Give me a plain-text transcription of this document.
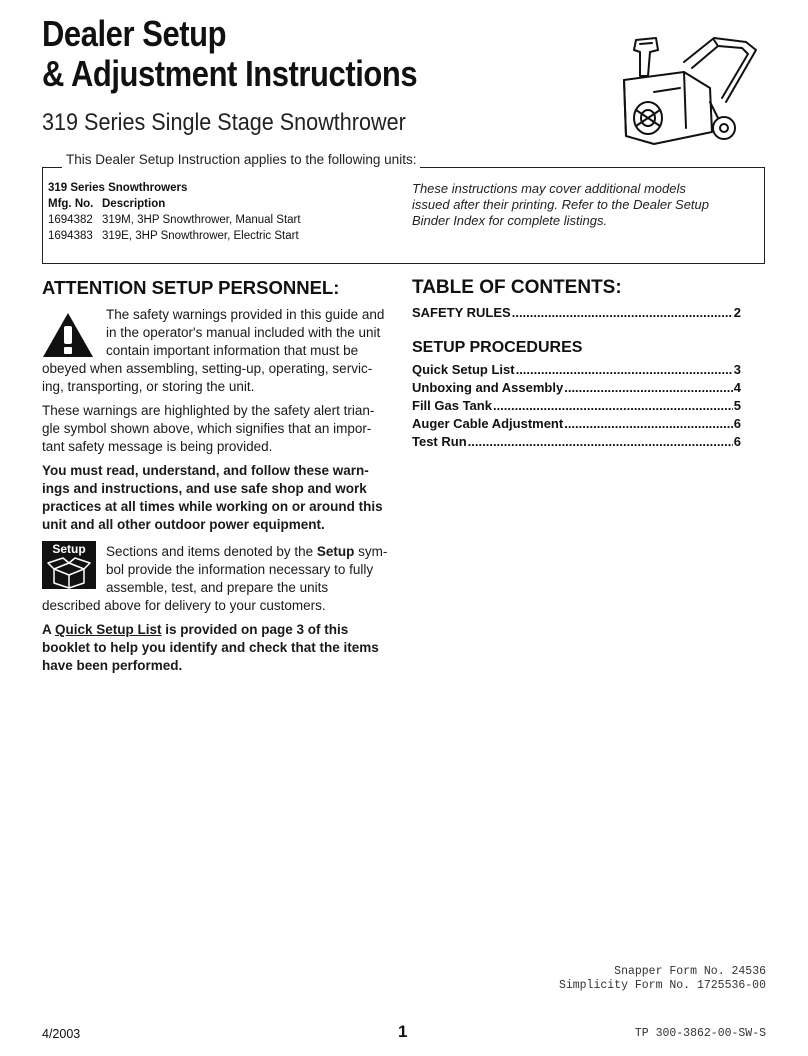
Dealer Setup
& Adjustment Instructions
319 Series Single Stage Snowthrower
This Dealer Setup Instruction applies to the following units:
319 Series Snowthrowers
Mfg. No. Description
1694382 319M, 3HP Snowthrower, Manual Start
1694383 319E, 3HP Snowthrower, Electric Start
These instructions may cover additional models issued after their printing. Refer to the Dealer Setup Binder Index for complete listings.
ATTENTION SETUP PERSONNEL:
The safety warnings provided in this guide and
in the operator's manual included with the unit
contain important information that must be
obeyed when assembling, setting-up, operating, servic-
ing, transporting, or storing the unit.
These warnings are highlighted by the safety alert trian-
gle symbol shown above, which signifies that an impor-
tant safety message is being provided.
You must read, understand, and follow these warn-
ings and instructions, and use safe shop and work
practices at all times while working on or around this
unit and all other outdoor power equipment.
Setup	Sections and items denoted by the Setup sym-
bol provide the information necessary to fully
assemble, test, and prepare the units
described above for delivery to your customers.
A Quick Setup List is provided on page 3 of this
booklet to help you identify and check that the items
have been performed.
TABLE OF CONTENTS:
SAFETY RULES .....	2
SETUP PROCEDURES
Quick Setup List .....	3
Unboxing and Assembly .....	4
Fill Gas Tank .....	5
Auger Cable Adjustment .....	6
Test Run .....	6
Snapper Form No. 24536
Simplicity Form No. 1725536-00
4/2003	1	TP 300-3862-00-SW-S
